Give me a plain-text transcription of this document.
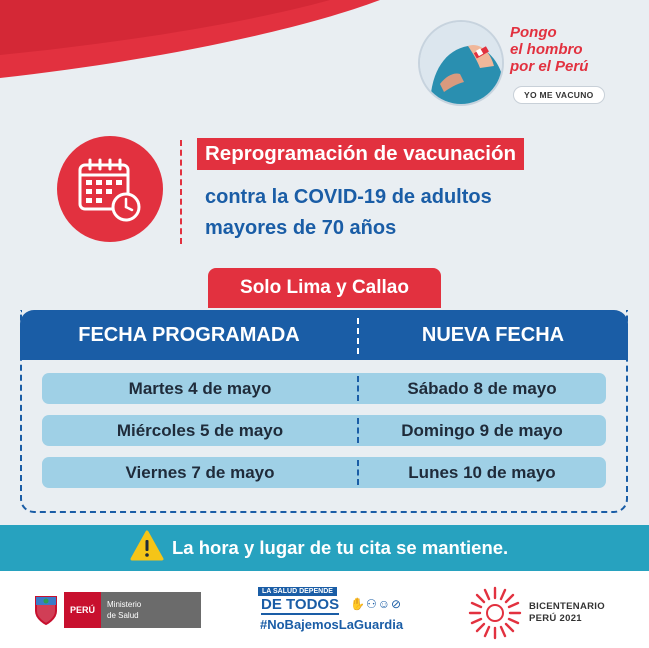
Pongo
el hombro
por el Perú
YO ME VACUNO
Reprogramación de vacunación
contra la COVID-19 de adultos
mayores de 70 años
Solo Lima y Callao
FECHA PROGRAMADA	NUEVA FECHA
Martes 4 de mayo	Sábado 8 de mayo
Miércoles 5 de mayo	Domingo 9 de mayo
Viernes 7 de mayo	Lunes 10 de mayo
La hora y lugar de tu cita se mantiene.
PERÚ
Ministerio
de Salud
LA SALUD DEPENDE
DE TODOS ✋⚇☺⊘
#NoBajemosLaGuardia
BICENTENARIO
PERÚ 2021
